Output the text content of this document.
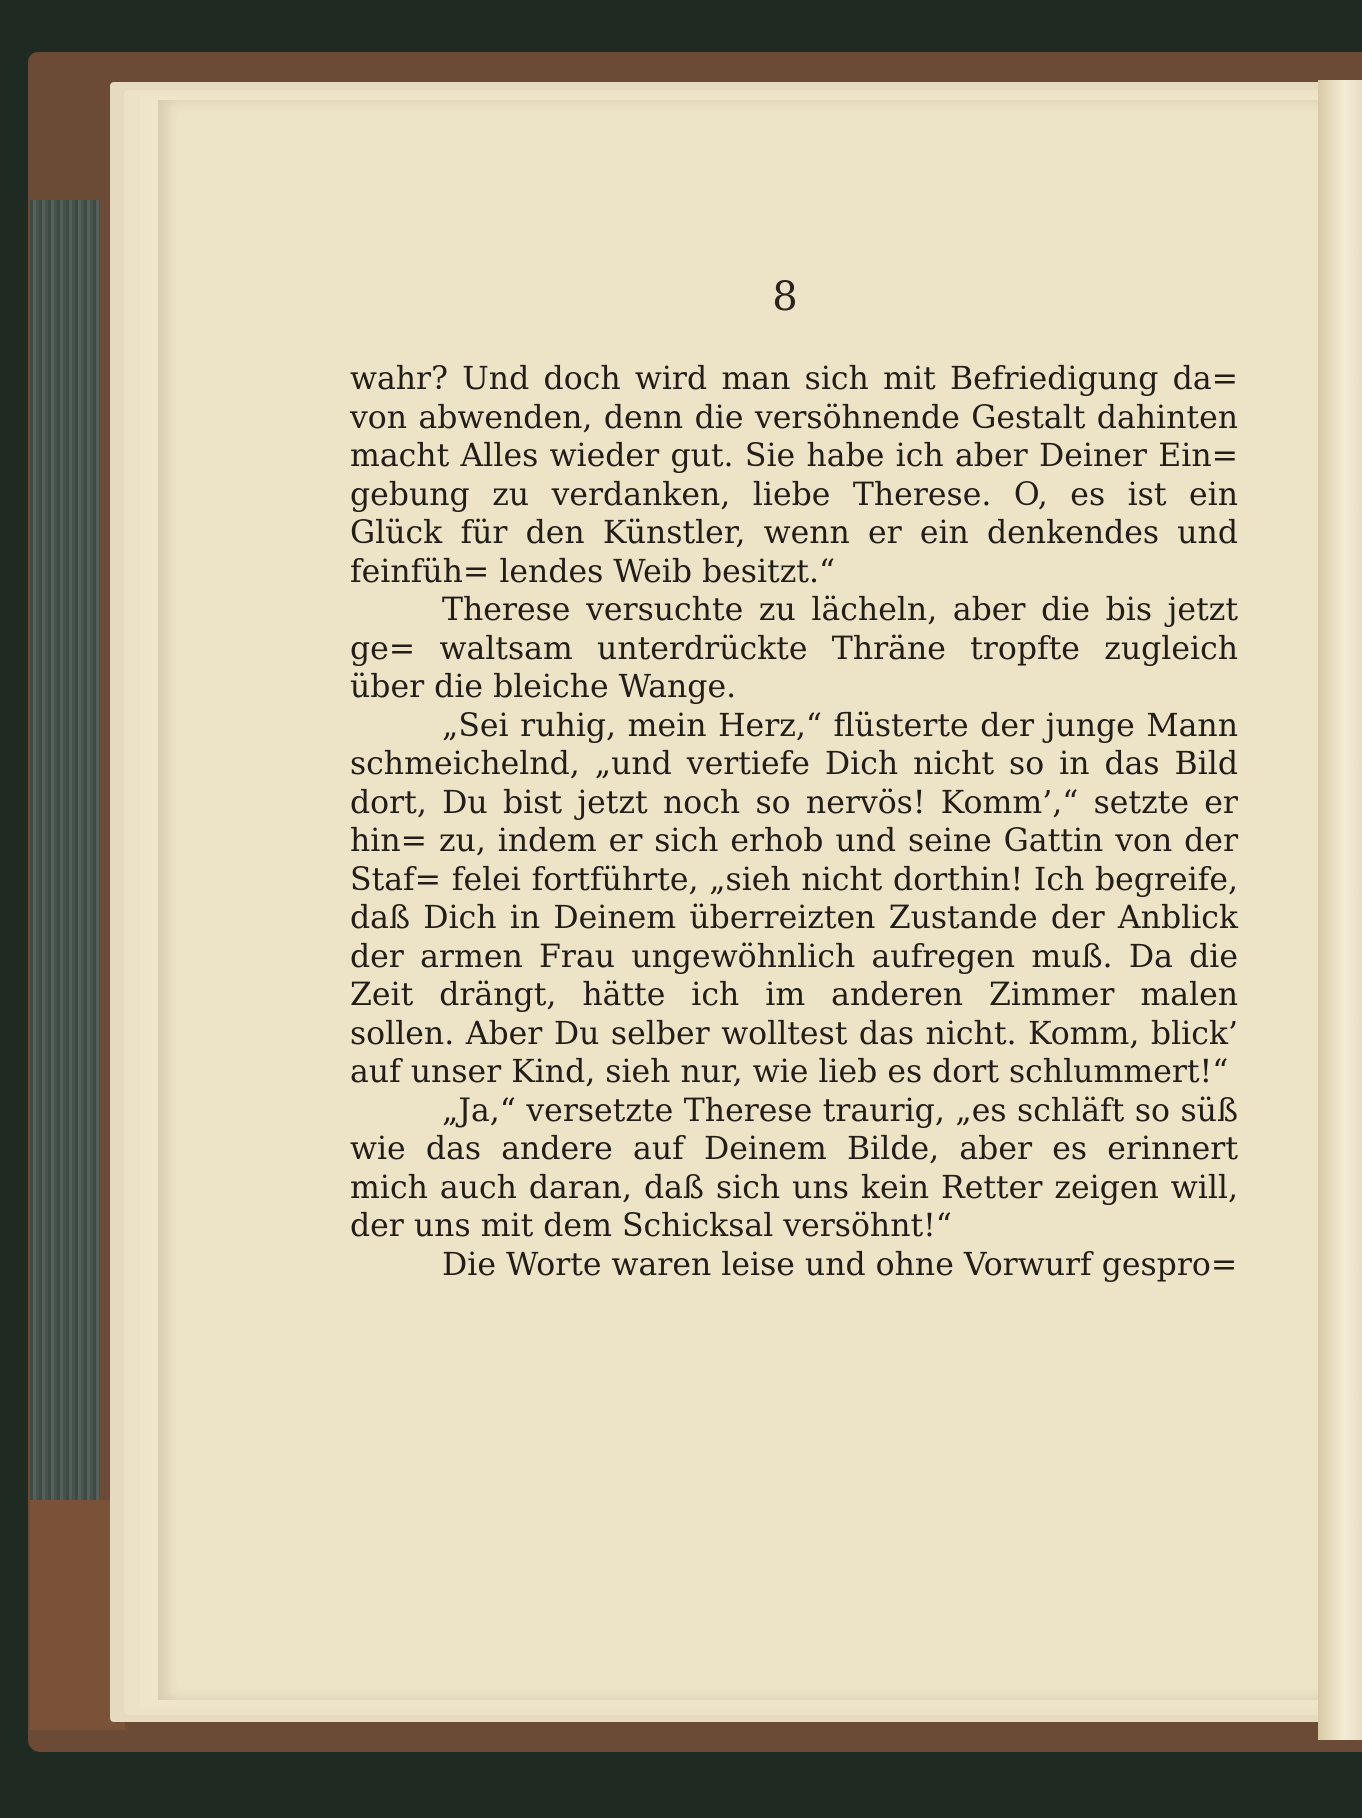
8

wahr? Und doch wird man sich mit Befriedigung da= von abwenden, denn die versöhnende Gestalt dahinten macht Alles wieder gut. Sie habe ich aber Deiner Ein= gebung zu verdanken, liebe Therese. O, es ist ein Glück für den Künstler, wenn er ein denkendes und feinfüh= lendes Weib besitzt.“

Therese versuchte zu lächeln, aber die bis jetzt ge= waltsam unterdrückte Thräne tropfte zugleich über die bleiche Wange.

„Sei ruhig, mein Herz,“ flüsterte der junge Mann schmeichelnd, „und vertiefe Dich nicht so in das Bild dort, Du bist jetzt noch so nervös! Komm’,“ setzte er hin= zu, indem er sich erhob und seine Gattin von der Staf= felei fortführte, „sieh nicht dorthin! Ich begreife, daß Dich in Deinem überreizten Zustande der Anblick der armen Frau ungewöhnlich aufregen muß. Da die Zeit drängt, hätte ich im anderen Zimmer malen sollen. Aber Du selber wolltest das nicht. Komm, blick’ auf unser Kind, sieh nur, wie lieb es dort schlummert!“

„Ja,“ versetzte Therese traurig, „es schläft so süß wie das andere auf Deinem Bilde, aber es erinnert mich auch daran, daß sich uns kein Retter zeigen will, der uns mit dem Schicksal versöhnt!“

Die Worte waren leise und ohne Vorwurf gespro=
